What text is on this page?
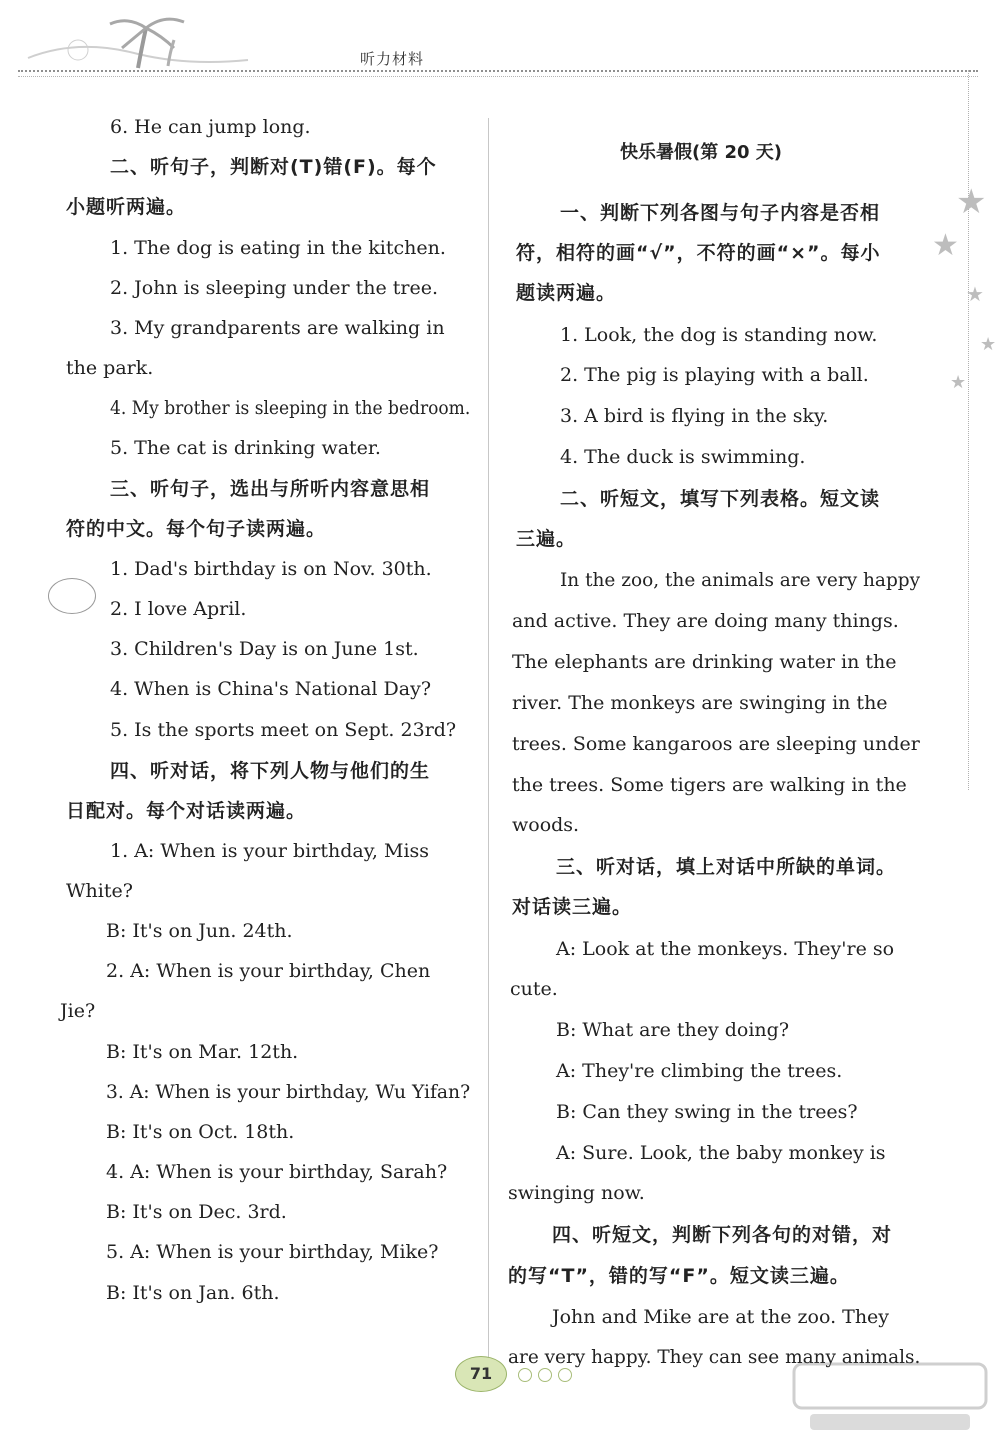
听力材料
★
★
★
★
★
6. He can jump long.
二、听句子，判断对(T)错(F)。每个
小题听两遍。
1. The dog is eating in the kitchen.
2. John is sleeping under the tree.
3. My grandparents are walking in
the park.
4. My brother is sleeping in the bedroom.
5. The cat is drinking water.
三、听句子，选出与所听内容意思相
符的中文。每个句子读两遍。
1. Dad's birthday is on Nov. 30th.
2. I love April.
3. Children's Day is on June 1st.
4. When is China's National Day?
5. Is the sports meet on Sept. 23rd?
四、听对话，将下列人物与他们的生
日配对。每个对话读两遍。
1. A: When is your birthday, Miss
White?
B: It's on Jun. 24th.
2. A: When is your birthday, Chen
Jie?
B: It's on Mar. 12th.
3. A: When is your birthday, Wu Yifan?
B: It's on Oct. 18th.
4. A: When is your birthday, Sarah?
B: It's on Dec. 3rd.
5. A: When is your birthday, Mike?
B: It's on Jan. 6th.
快乐暑假(第 20 天)
一、判断下列各图与句子内容是否相
符，相符的画“√”，不符的画“×”。每小
题读两遍。
1. Look, the dog is standing now.
2. The pig is playing with a ball.
3. A bird is flying in the sky.
4. The duck is swimming.
二、听短文，填写下列表格。短文读
三遍。
In the zoo, the animals are very happy
and active. They are doing many things.
The elephants are drinking water in the
river. The monkeys are swinging in the
trees. Some kangaroos are sleeping under
the trees. Some tigers are walking in the
woods.
三、听对话，填上对话中所缺的单词。
对话读三遍。
A: Look at the monkeys. They're so
cute.
B: What are they doing?
A: They're climbing the trees.
B: Can they swing in the trees?
A: Sure. Look, the baby monkey is
swinging now.
四、听短文，判断下列各句的对错，对
的写“T”，错的写“F”。短文读三遍。
John and Mike are at the zoo. They
are very happy. They can see many animals.
71
